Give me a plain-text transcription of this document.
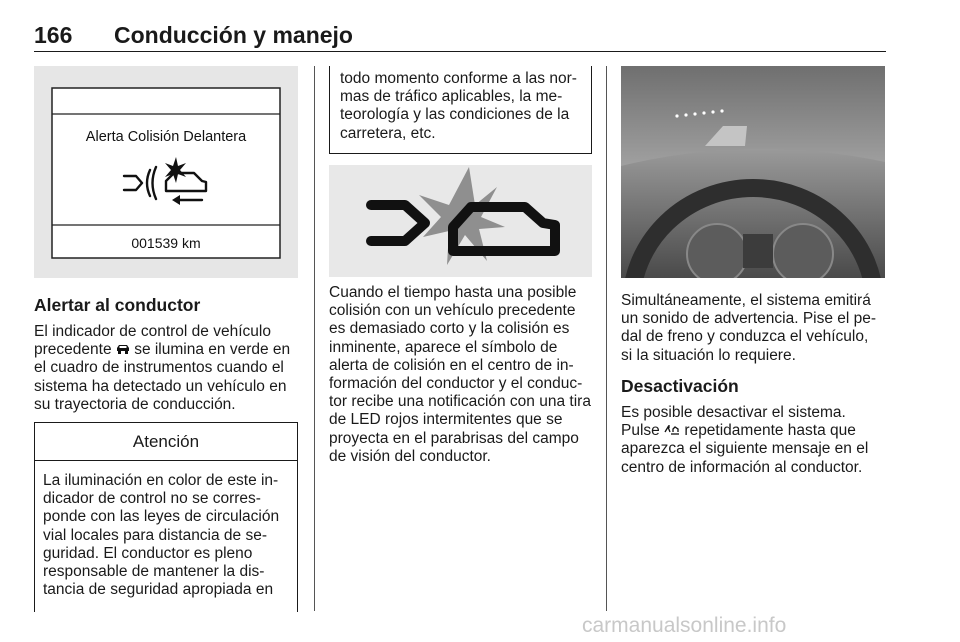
166 Conducción y manejo
Alerta Colisión Delantera
001539 km
Alertar al conductor
El indicador de control de vehículo
precedente se ilumina en verde en
el cuadro de instrumentos cuando el
sistema ha detectado un vehículo en
su trayectoria de conducción.
Atención
La iluminación en color de este in-
dicador de control no se corres-
ponde con las leyes de circulación
vial locales para distancia de se-
guridad. El conductor es pleno
responsable de mantener la dis-
tancia de seguridad apropiada en
todo momento conforme a las nor-
mas de tráfico aplicables, la me-
teorología y las condiciones de la
carretera, etc.
Cuando el tiempo hasta una posible
colisión con un vehículo precedente
es demasiado corto y la colisión es
inminente, aparece el símbolo de
alerta de colisión en el centro de in-
formación del conductor y el conduc-
tor recibe una notificación con una tira
de LED rojos intermitentes que se
proyecta en el parabrisas del campo
de visión del conductor.
Simultáneamente, el sistema emitirá
un sonido de advertencia. Pise el pe-
dal de freno y conduzca el vehículo,
si la situación lo requiere.
Desactivación
Es posible desactivar el sistema.
Pulse repetidamente hasta que
aparezca el siguiente mensaje en el
centro de información al conductor.
carmanualsonline.info
